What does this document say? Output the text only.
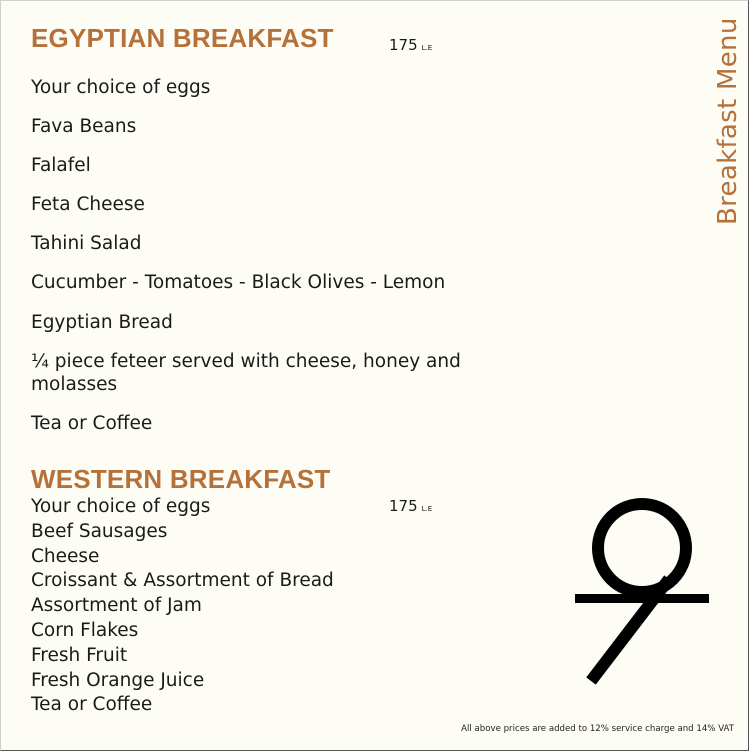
EGYPTIAN BREAKFAST	175 L.E

Your choice of eggs

Fava Beans

Falafel

Feta Cheese

Tahini Salad

Cucumber - Tomatoes - Black Olives - Lemon

Egyptian Bread

¼ piece feteer served with cheese, honey and molasses

Tea or Coffee

WESTERN BREAKFAST
175 L.E
Your choice of eggs
Beef Sausages
Cheese
Croissant & Assortment of Bread
Assortment of Jam
Corn Flakes
Fresh Fruit
Fresh Orange Juice
Tea or Coffee
Breakfast Menu
All above prices are added to 12% service charge and 14% VAT
